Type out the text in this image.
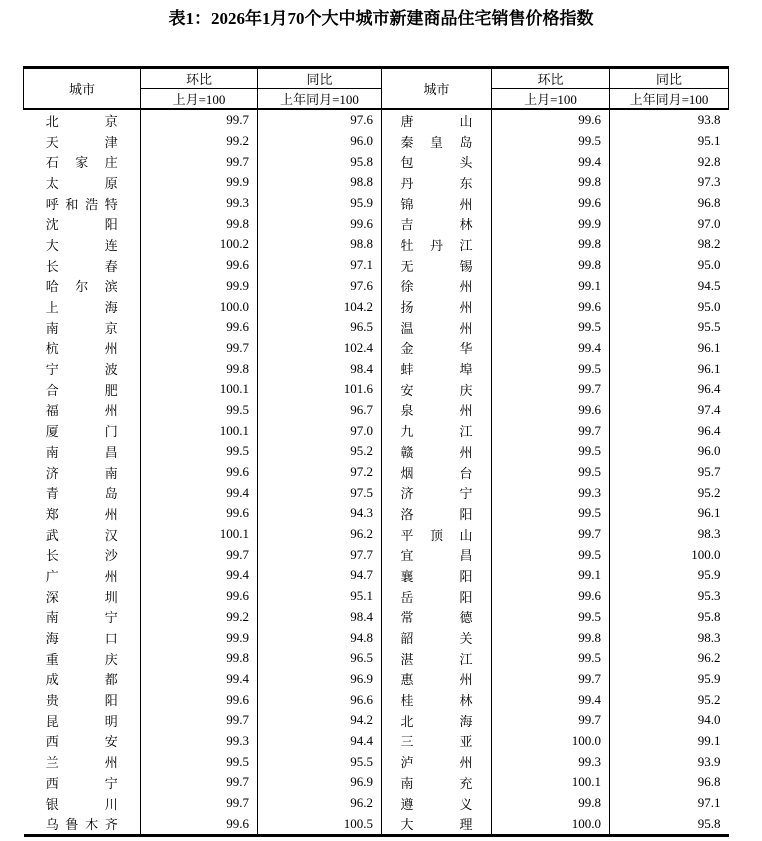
表1：2026年1月70个大中城市新建商品住宅销售价格指数
城市	环比	同比	城市	环比	同比
	上月=100	上年同月=100		上月=100	上年同月=100

北 京	99.7	97.6	唐 山	99.6	93.8

天 津	99.2	96.0	秦 皇 岛	99.5	95.1

石 家 庄	99.7	95.8	包 头	99.4	92.8

太 原	99.9	98.8	丹 东	99.8	97.3

呼 和 浩 特	99.3	95.9	锦 州	99.6	96.8

沈 阳	99.8	99.6	吉 林	99.9	97.0

大 连	100.2	98.8	牡 丹 江	99.8	98.2

长 春	99.6	97.1	无 锡	99.8	95.0

哈 尔 滨	99.9	97.6	徐 州	99.1	94.5

上 海	100.0	104.2	扬 州	99.6	95.0

南 京	99.6	96.5	温 州	99.5	95.5

杭 州	99.7	102.4	金 华	99.4	96.1

宁 波	99.8	98.4	蚌 埠	99.5	96.1

合 肥	100.1	101.6	安 庆	99.7	96.4

福 州	99.5	96.7	泉 州	99.6	97.4

厦 门	100.1	97.0	九 江	99.7	96.4

南 昌	99.5	95.2	赣 州	99.5	96.0

济 南	99.6	97.2	烟 台	99.5	95.7

青 岛	99.4	97.5	济 宁	99.3	95.2

郑 州	99.6	94.3	洛 阳	99.5	96.1

武 汉	100.1	96.2	平 顶 山	99.7	98.3

长 沙	99.7	97.7	宜 昌	99.5	100.0

广 州	99.4	94.7	襄 阳	99.1	95.9

深 圳	99.6	95.1	岳 阳	99.6	95.3

南 宁	99.2	98.4	常 德	99.5	95.8

海 口	99.9	94.8	韶 关	99.8	98.3

重 庆	99.8	96.5	湛 江	99.5	96.2

成 都	99.4	96.9	惠 州	99.7	95.9

贵 阳	99.6	96.6	桂 林	99.4	95.2

昆 明	99.7	94.2	北 海	99.7	94.0

西 安	99.3	94.4	三 亚	100.0	99.1

兰 州	99.5	95.5	泸 州	99.3	93.9

西 宁	99.7	96.9	南 充	100.1	96.8

银 川	99.7	96.2	遵 义	99.8	97.1

乌 鲁 木 齐	99.6	100.5	大 理	100.0	95.8
